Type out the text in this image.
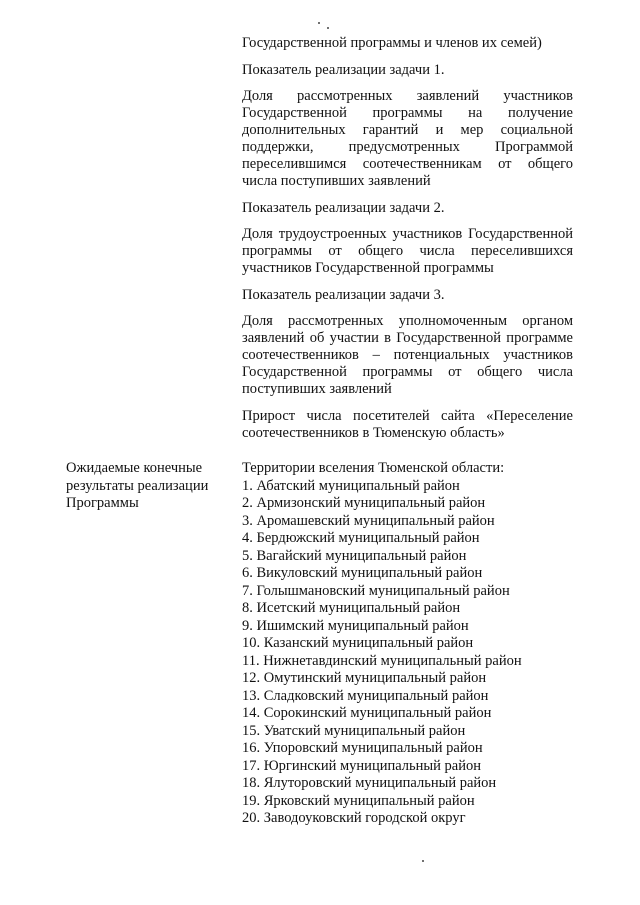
Государственной программы и членов их семей)

Показатель реализации задачи 1.

Доля рассмотренных заявлений участников Государственной программы на получение дополнительных гарантий и мер социальной поддержки, предусмотренных Программой переселившимся соотечественникам от общего числа поступивших заявлений

Показатель реализации задачи 2.

Доля трудоустроенных участников Государственной программы от общего числа переселившихся участников Государственной программы

Показатель реализации задачи 3.

Доля рассмотренных уполномоченным органом заявлений об участии в Государственной программе соотечественников – потенциальных участников Государственной программы от общего числа поступивших заявлений

Прирост числа посетителей сайта «Переселение соотечественников в Тюменскую область»

Ожидаемые конечные результаты реализации Программы
Территории вселения Тюменской области:
1. Абатский муниципальный район
2. Армизонский муниципальный район
3. Аромашевский муниципальный район
4. Бердюжский муниципальный район
5. Вагайский муниципальный район
6. Викуловский муниципальный район
7. Голышмановский муниципальный район
8. Исетский муниципальный район
9. Ишимский муниципальный район
10. Казанский муниципальный район
11. Нижнетавдинский муниципальный район
12. Омутинский муниципальный район
13. Сладковский муниципальный район
14. Сорокинский муниципальный район
15. Уватский муниципальный район
16. Упоровский муниципальный район
17. Юргинский муниципальный район
18. Ялуторовский муниципальный район
19. Ярковский муниципальный район
20. Заводоуковский городской округ
